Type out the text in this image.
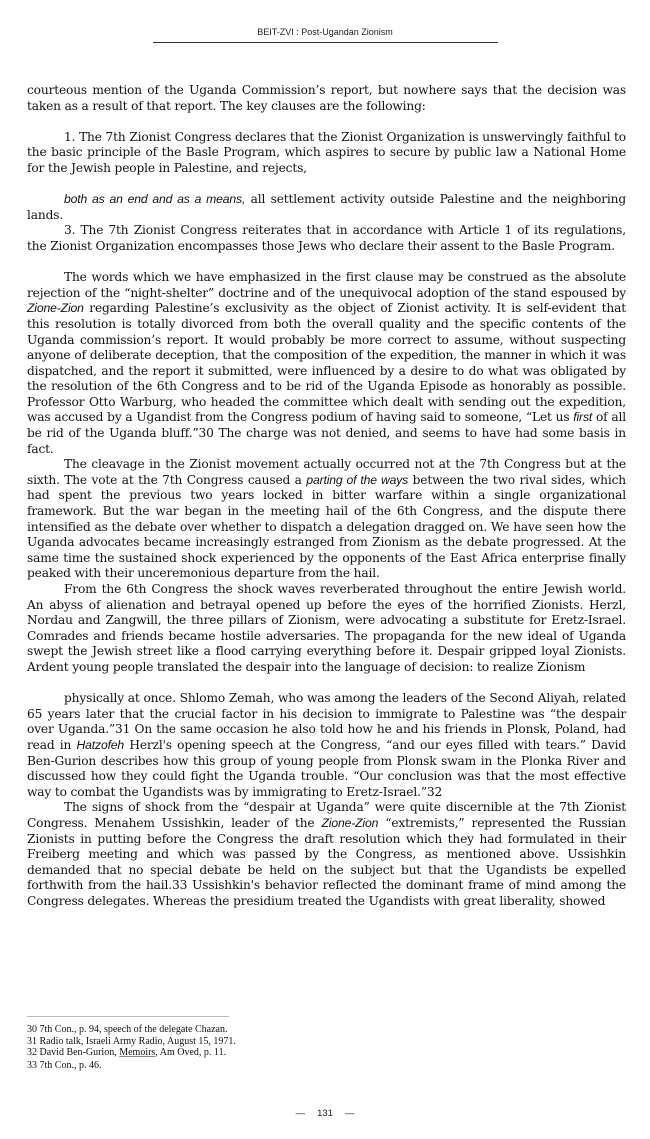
BEIT-ZVI : Post-Ugandan Zionism

courteous mention of the Uganda Commission’s report, but nowhere says that the decision was taken as a result of that report. The key clauses are the following:

1. The 7th Zionist Congress declares that the Zionist Organization is unswervingly faithful to the basic principle of the Basle Program, which aspires to secure by public law a National Home for the Jewish people in Palestine, and rejects,

both as an end and as a means, all settlement activity outside Palestine and the neighboring lands.

3. The 7th Zionist Congress reiterates that in accordance with Article 1 of its regulations, the Zionist Organization encompasses those Jews who declare their assent to the Basle Program.

The words which we have emphasized in the first clause may be construed as the absolute rejection of the “night-shelter” doctrine and of the unequivocal adoption of the stand espoused by Zione-Zion regarding Palestine’s exclusivity as the object of Zionist activity. It is self-evident that this resolution is totally divorced from both the overall quality and the specific contents of the Uganda commission’s report. It would probably be more correct to assume, without suspecting anyone of deliberate deception, that the composition of the expedition, the manner in which it was dispatched, and the report it submitted, were influenced by a desire to do what was obligated by the resolution of the 6th Congress and to be rid of the Uganda Episode as honorably as possible. Professor Otto Warburg, who headed the committee which dealt with sending out the expedition, was accused by a Ugandist from the Congress podium of having said to someone, “Let us first of all be rid of the Uganda bluff.”30 The charge was not denied, and seems to have had some basis in fact.

The cleavage in the Zionist movement actually occurred not at the 7th Congress but at the sixth. The vote at the 7th Congress caused a parting of the ways between the two rival sides, which had spent the previous two years locked in bitter warfare within a single organizational framework. But the war began in the meeting hail of the 6th Congress, and the dispute there intensified as the debate over whether to dispatch a delegation dragged on. We have seen how the Uganda advocates became increasingly estranged from Zionism as the debate progressed. At the same time the sustained shock experienced by the opponents of the East Africa enterprise finally peaked with their unceremonious departure from the hail.

From the 6th Congress the shock waves reverberated throughout the entire Jewish world. An abyss of alienation and betrayal opened up before the eyes of the horrified Zionists. Herzl, Nordau and Zangwill, the three pillars of Zionism, were advocating a substitute for Eretz-Israel. Comrades and friends became hostile adversaries. The propaganda for the new ideal of Uganda swept the Jewish street like a flood carrying everything before it. Despair gripped loyal Zionists. Ardent young people translated the despair into the language of decision: to realize Zionism

physically at once. Shlomo Zemah, who was among the leaders of the Second Aliyah, related 65 years later that the crucial factor in his decision to immigrate to Palestine was “the despair over Uganda.”31 On the same occasion he also told how he and his friends in Plonsk, Poland, had read in Hatzofeh Herzl's opening speech at the Congress, “and our eyes filled with tears.” David Ben-Gurion describes how this group of young people from Plonsk swam in the Plonka River and discussed how they could fight the Uganda trouble. “Our conclusion was that the most effective way to combat the Ugandists was by immigrating to Eretz-Israel.”32

The signs of shock from the “despair at Uganda” were quite discernible at the 7th Zionist Congress. Menahem Ussishkin, leader of the Zione-Zion “extremists,” represented the Russian Zionists in putting before the Congress the draft resolution which they had formulated in their Freiberg meeting and which was passed by the Congress, as mentioned above. Ussishkin demanded that no special debate be held on the subject but that the Ugandists be expelled forthwith from the hail.33 Ussishkin's behavior reflected the dominant frame of mind among the Congress delegates. Whereas the presidium treated the Ugandists with great liberality, showed

30 7th Con., p. 94, speech of the delegate Chazan.
31 Radio talk, Israeli Army Radio, August 15, 1971.
32 David Ben-Gurion, Memoirs, Am Oved, p. 11.
33 7th Con., p. 46.
— 131 —
